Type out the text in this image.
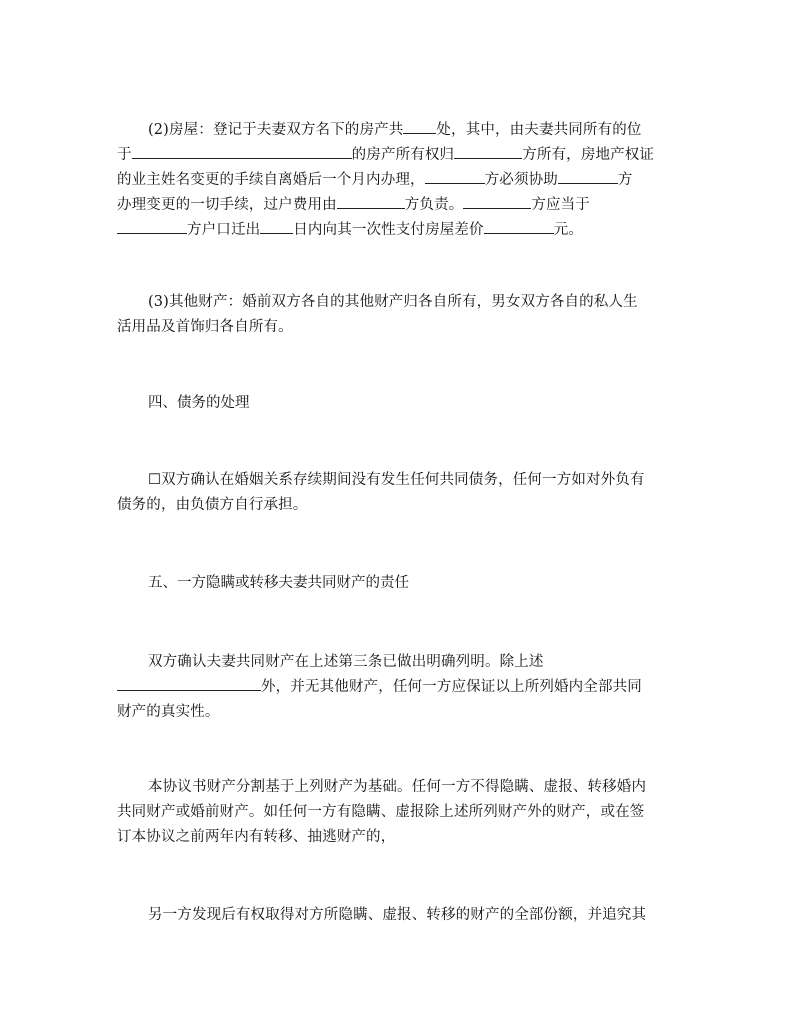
(2)房屋：登记于夫妻双方名下的房产共 处，其中，由夫妻共同所有的位
于	的房产所有权归	方所有，房地产权证
的业主姓名变更的手续自离婚后一个月内办理，	方必须协助	方
办理变更的一切手续，过户费用由	方负责。	方应当于
方户口迁出 日内向其一次性支付房屋差价	元。
(3)其他财产：婚前双方各自的其他财产归各自所有，男女双方各自的私人生
活用品及首饰归各自所有。

四、债务的处理

☐双方确认在婚姻关系存续期间没有发生任何共同债务，任何一方如对外负有
债务的，由负债方自行承担。

五、一方隐瞒或转移夫妻共同财产的责任

双方确认夫妻共同财产在上述第三条已做出明确列明。除上述
外，并无其他财产，任何一方应保证以上所列婚内全部共同
财产的真实性。
本协议书财产分割基于上列财产为基础。任何一方不得隐瞒、虚报、转移婚内
共同财产或婚前财产。如任何一方有隐瞒、虚报除上述所列财产外的财产，或在签
订本协议之前两年内有转移、抽逃财产的，
另一方发现后有权取得对方所隐瞒、虚报、转移的财产的全部份额，并追究其
